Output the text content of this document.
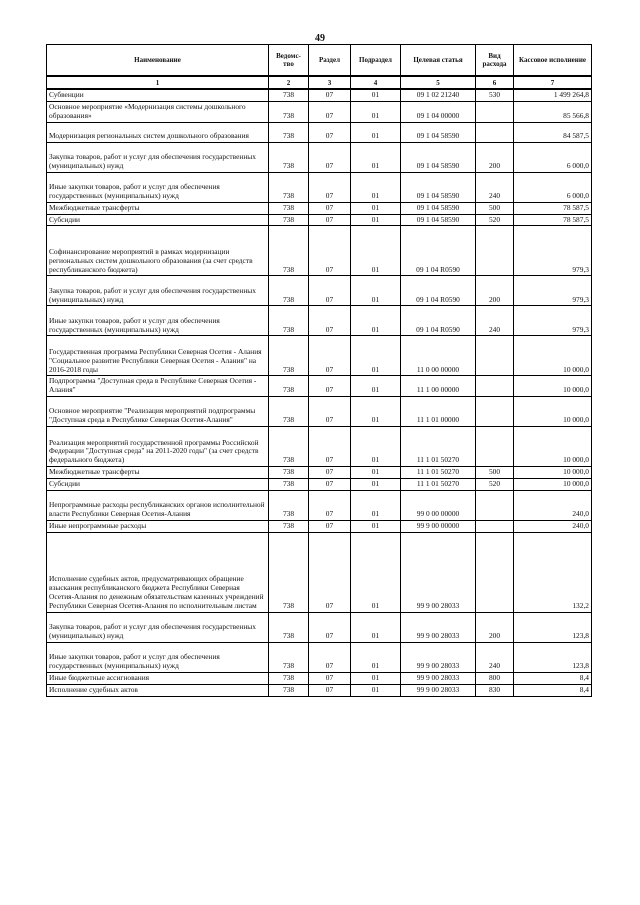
49
Наименование	Ведомс-тво	Раздел	Подраздел	Целевая статья	Вид расхода	Кассовое исполнение
1	2	3	4	5	6	7
Субвенции	738	07	01	09 1 02 21240	530	1 499 264,8
Основное мероприятие «Модернизация системы дошкольного образования»	738	07	01	09 1 04 00000		85 566,8
Модернизация региональных систем дошкольного образования	738	07	01	09 1 04 58590		84 587,5
Закупка товаров, работ и услуг для обеспечения государственных (муниципальных) нужд	738	07	01	09 1 04 58590	200	6 000,0
Иные закупки товаров, работ и услуг для обеспечения государственных (муниципальных) нужд	738	07	01	09 1 04 58590	240	6 000,0
Межбюджетные трансферты	738	07	01	09 1 04 58590	500	78 587,5
Субсидии	738	07	01	09 1 04 58590	520	78 587,5
Софинансирование мероприятий в рамках модернизации региональных систем дошкольного образования (за счет средств республиканского бюджета)	738	07	01	09 1 04 R0590		979,3
Закупка товаров, работ и услуг для обеспечения государственных (муниципальных) нужд	738	07	01	09 1 04 R0590	200	979,3
Иные закупки товаров, работ и услуг для обеспечения государственных (муниципальных) нужд	738	07	01	09 1 04 R0590	240	979,3
Государственная программа Республики Северная Осетия - Алания "Социальное развитие Республики Северная Осетия - Алания" на 2016-2018 годы	738	07	01	11 0 00 00000		10 000,0
Подпрограмма "Доступная среда в Республике Северная Осетия - Алания"	738	07	01	11 1 00 00000		10 000,0
Основное мероприятие "Реализация мероприятий подпрограммы "Доступная среда в Республике Северная Осетия-Алания"	738	07	01	11 1 01 00000		10 000,0
Реализация мероприятий государственной программы Российской Федерации "Доступная среда" на 2011-2020 годы" (за счет средств федерального бюджета)	738	07	01	11 1 01 50270		10 000,0
Межбюджетные трансферты	738	07	01	11 1 01 50270	500	10 000,0
Субсидии	738	07	01	11 1 01 50270	520	10 000,0
Непрограммные расходы республиканских органов исполнительной власти Республики Северная Осетия-Алания	738	07	01	99 0 00 00000		240,0
Иные непрограммные расходы	738	07	01	99 9 00 00000		240,0
Исполнение судебных актов, предусматривающих обращение взыскания республиканского бюджета Республики Северная Осетия-Алания по денежным обязательствам казенных учреждений Республики Северная Осетия-Алания по исполнительным листам	738	07	01	99 9 00 28033		132,2
Закупка товаров, работ и услуг для обеспечения государственных (муниципальных) нужд	738	07	01	99 9 00 28033	200	123,8
Иные закупки товаров, работ и услуг для обеспечения государственных (муниципальных) нужд	738	07	01	99 9 00 28033	240	123,8
Иные бюджетные ассигнования	738	07	01	99 9 00 28033	800	8,4
Исполнение судебных актов	738	07	01	99 9 00 28033	830	8,4
